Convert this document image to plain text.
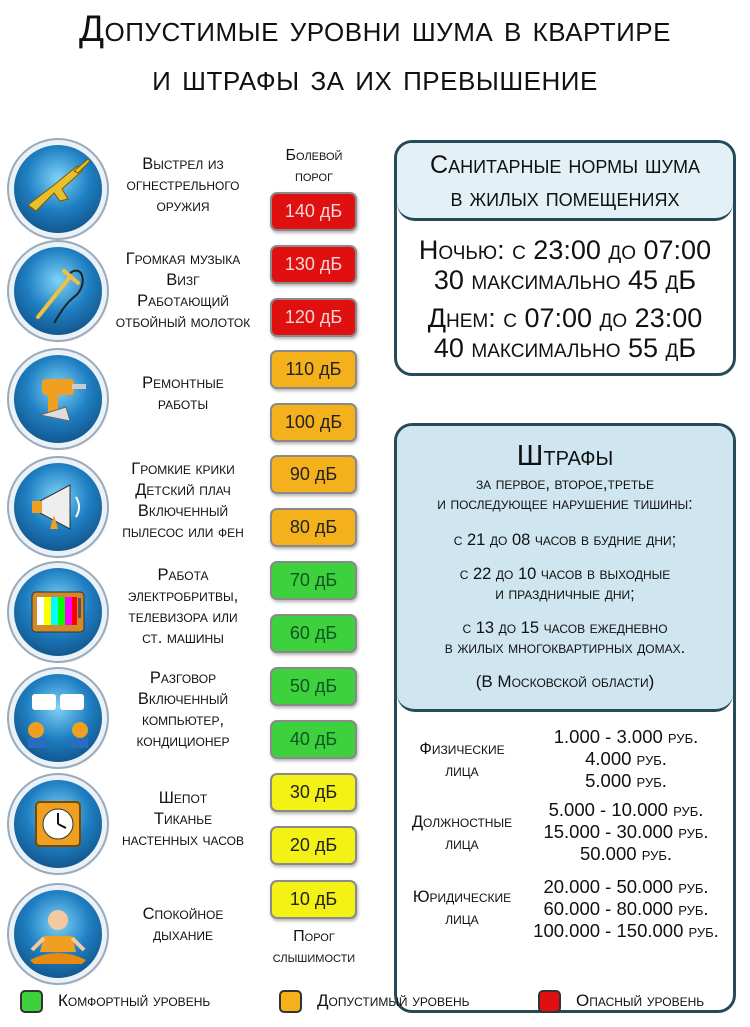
Допустимые уровни шума в квартире
и штрафы за их превышение
Болевой
порог
Порог
слышимости
Выстрел из
огнестрельного
оружия
Громкая музыка
Визг
Работающий
отбойный молоток
Ремонтные
работы
Громкие крики
Детский плач
Включенный
пылесос или фен
Работа
электробритвы,
телевизора или
ст. машины
Разговор
Включенный
компьютер,
кондиционер
Шепот
Тиканье
настенных часов
Спокойное
дыхание
140 дБ
130 дБ
120 дБ
110 дБ
100 дБ
90 дБ
80 дБ
70 дБ
60 дБ
50 дБ
40 дБ
30 дБ
20 дБ
10 дБ
Санитарные нормы шума
в жилых помещениях

Ночью: с 23:00 до 07:00
30 максимально 45 дБ

Днем: с 07:00 до 23:00
40 максимально 55 дБ

Штрафы
за первое, второе,третье
и последующее нарушение тишины:
с 21 до 08 часов в будние дни;
с 22 до 10 часов в выходные
и праздничные дни;
с 13 до 15 часов ежедневно
в жилых многоквартирных домах.
(В Московской области)
Физические
лица
1.000 - 3.000 руб.
4.000 руб.
5.000 руб.
Должностные
лица
5.000 - 10.000 руб.
15.000 - 30.000 руб.
50.000 руб.
Юридические
лица
20.000 - 50.000 руб.
60.000 - 80.000 руб.
100.000 - 150.000 руб.
Комфортный уровень	Допустимый уровень	Опасный уровень
